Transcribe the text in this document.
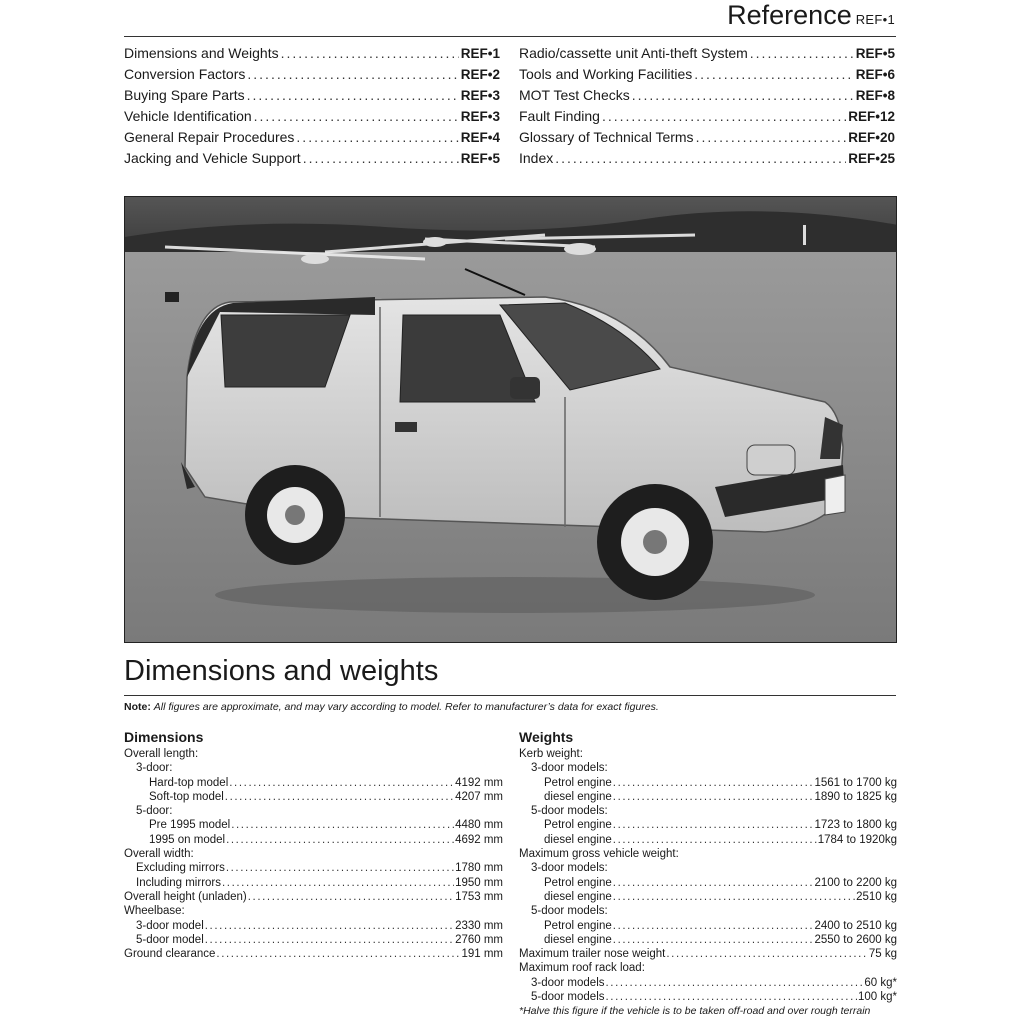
Reference REF•1
Dimensions and Weights .....	REF•1
Conversion Factors .....	REF•2
Buying Spare Parts .....	REF•3
Vehicle Identification .....	REF•3
General Repair Procedures .....	REF•4
Jacking and Vehicle Support .....	REF•5
Radio/cassette unit Anti-theft System .....	REF•5
Tools and Working Facilities .....	REF•6
MOT Test Checks .....	REF•8
Fault Finding .....	REF•12
Glossary of Technical Terms .....	REF•20
Index .....	REF•25
Dimensions and weights
Note: All figures are approximate, and may vary according to model. Refer to manufacturer’s data for exact figures.
Dimensions
Overall length:
3-door:
Hard-top model .....	4192 mm
Soft-top model .....	4207 mm
5-door:
Pre 1995 model .....	4480 mm
1995 on model .....	4692 mm
Overall width:
Excluding mirrors .....	1780 mm
Including mirrors .....	1950 mm
Overall height (unladen) .....	1753 mm
Wheelbase:
3-door model .....	2330 mm
5-door model .....	2760 mm
Ground clearance .....	191 mm
Weights
Kerb weight:
3-door models:
Petrol engine .....	1561 to 1700 kg
diesel engine .....	1890 to 1825 kg
5-door models:
Petrol engine .....	1723 to 1800 kg
diesel engine .....	1784 to 1920kg
Maximum gross vehicle weight:
3-door models:
Petrol engine .....	2100 to 2200 kg
diesel engine .....	2510 kg
5-door models:
Petrol engine .....	2400 to 2510 kg
diesel engine .....	2550 to 2600 kg
Maximum trailer nose weight .....	75 kg
Maximum roof rack load:
3-door models .....	60 kg*
5-door models .....	100 kg*
*Halve this figure if the vehicle is to be taken off-road and over rough terrain
